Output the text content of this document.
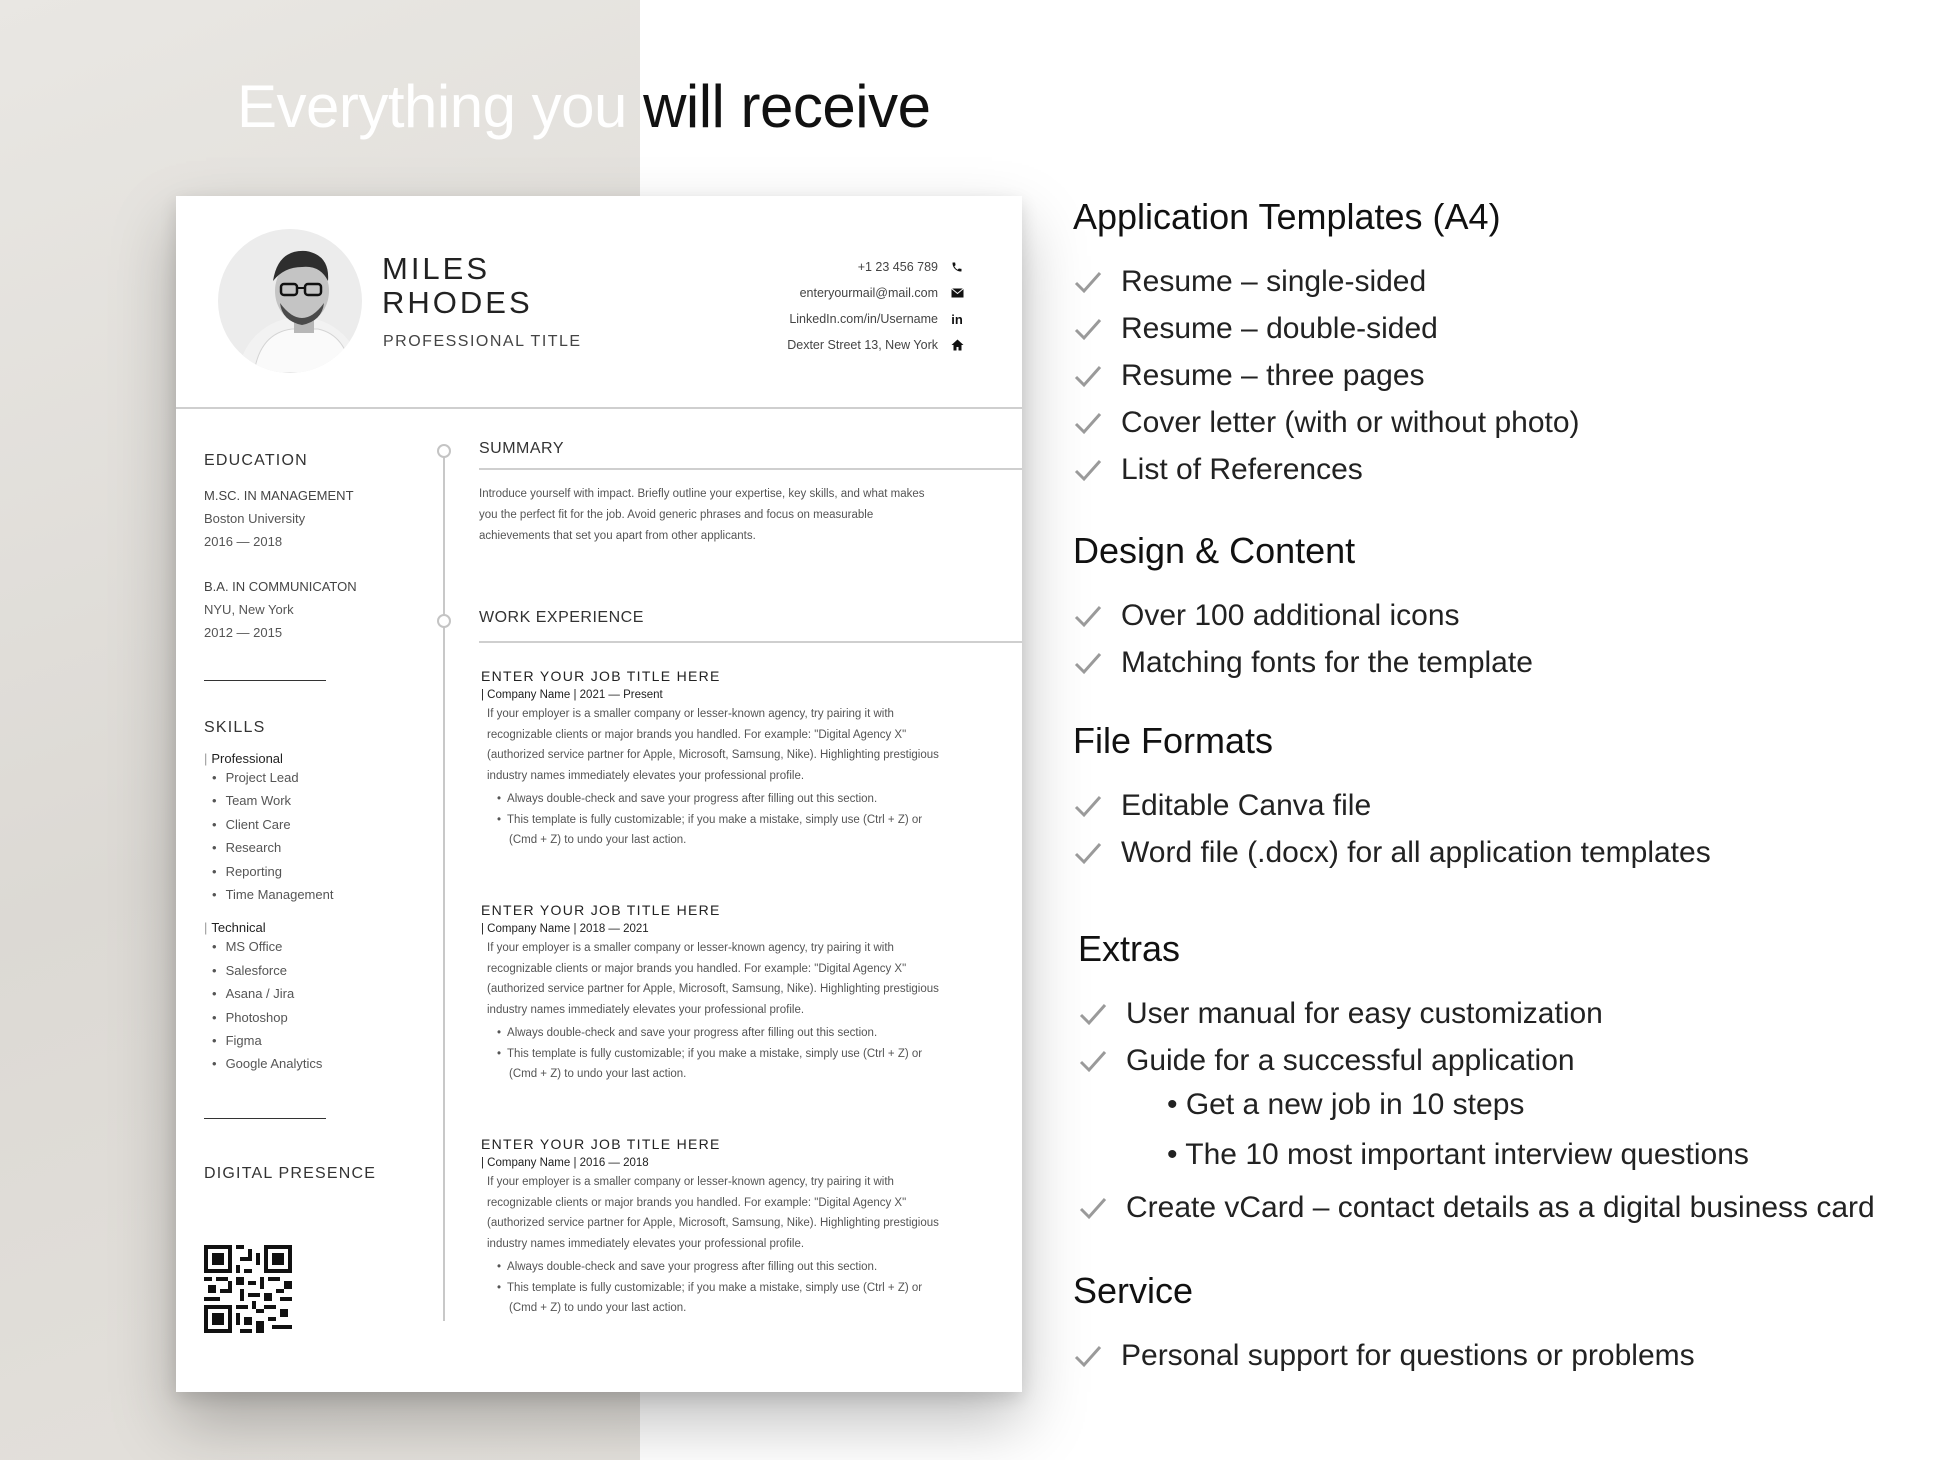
Everything you will receive
MILES
RHODES
PROFESSIONAL TITLE
+1 23 456 789
enteryourmail@mail.com
LinkedIn.com/in/Username in
Dexter Street 13, New York
EDUCATION
M.SC. IN MANAGEMENT
Boston University
2016 — 2018
B.A. IN COMMUNICATON
NYU, New York
2012 — 2015
SKILLS
| Professional
• Project Lead
• Team Work
• Client Care
• Research
• Reporting
• Time Management
| Technical
• MS Office
• Salesforce
• Asana / Jira
• Photoshop
• Figma
• Google Analytics
DIGITAL PRESENCE
SUMMARY
Introduce yourself with impact. Briefly outline your expertise, key skills, and what makes you the perfect fit for the job. Avoid generic phrases and focus on measurable achievements that set you apart from other applicants.
WORK EXPERIENCE
ENTER YOUR JOB TITLE HERE
| Company Name | 2021 — Present
If your employer is a smaller company or lesser-known agency, try pairing it with recognizable clients or major brands you handled. For example: "Digital Agency X" (authorized service partner for Apple, Microsoft, Samsung, Nike). Highlighting prestigious industry names immediately elevates your professional profile.
• Always double-check and save your progress after filling out this section.
• This template is fully customizable; if you make a mistake, simply use (Ctrl + Z) or (Cmd + Z) to undo your last action.
ENTER YOUR JOB TITLE HERE
| Company Name | 2018 — 2021
If your employer is a smaller company or lesser-known agency, try pairing it with recognizable clients or major brands you handled. For example: "Digital Agency X" (authorized service partner for Apple, Microsoft, Samsung, Nike). Highlighting prestigious industry names immediately elevates your professional profile.
• Always double-check and save your progress after filling out this section.
• This template is fully customizable; if you make a mistake, simply use (Ctrl + Z) or (Cmd + Z) to undo your last action.
ENTER YOUR JOB TITLE HERE
| Company Name | 2016 — 2018
If your employer is a smaller company or lesser-known agency, try pairing it with recognizable clients or major brands you handled. For example: "Digital Agency X" (authorized service partner for Apple, Microsoft, Samsung, Nike). Highlighting prestigious industry names immediately elevates your professional profile.
• Always double-check and save your progress after filling out this section.
• This template is fully customizable; if you make a mistake, simply use (Ctrl + Z) or (Cmd + Z) to undo your last action.
Application Templates (A4)
Resume – single-sided
Resume – double-sided
Resume – three pages
Cover letter (with or without photo)
List of References
Design & Content
Over 100 additional icons
Matching fonts for the template
File Formats
Editable Canva file
Word file (.docx) for all application templates
Extras
User manual for easy customization
Guide for a successful application
• Get a new job in 10 steps
• The 10 most important interview questions
Create vCard – contact details as a digital business card
Service
Personal support for questions or problems
